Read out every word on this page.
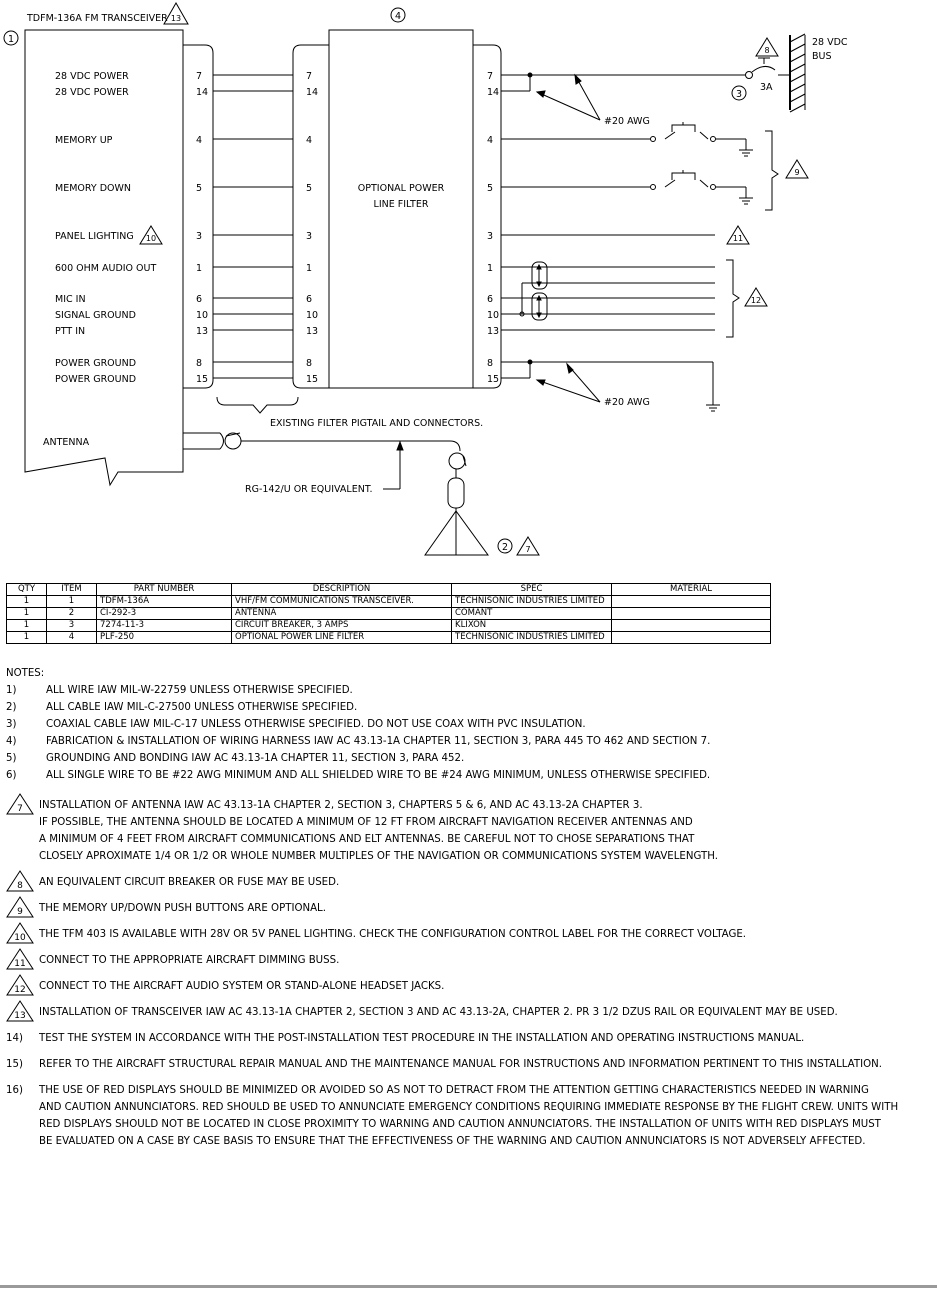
TDFM-136A FM TRANSCEIVER
OPTIONAL POWER
LINE FILTER
28 VDC
BUS
3A
#20 AWG
#20 AWG
EXISTING FILTER PIGTAIL AND CONNECTORS.
RG-142/U OR EQUIVALENT.
ANTENNA
28 VDC POWER	7	7	7
28 VDC POWER	14	14	14
MEMORY UP	4	4	4
MEMORY DOWN	5	5	5
PANEL LIGHTING	3	3	3
600 OHM AUDIO OUT	1	1	1
MIC IN	6	6	6
SIGNAL GROUND	10	10	10
PTT IN	13	13	13
POWER GROUND	8	8	8
POWER GROUND	15	15	15
1
2
3
4
13
8
9
10	11
12
7
QTY	ITEM	PART NUMBER	DESCRIPTION	SPEC	MATERIAL
1	1	TDFM-136A	VHF/FM COMMUNICATIONS TRANSCEIVER.	TECHNISONIC INDUSTRIES LIMITED	
1	2	CI-292-3	ANTENNA	COMANT	
1	3	7274-11-3	CIRCUIT BREAKER, 3 AMPS	KLIXON	
1	4	PLF-250	OPTIONAL POWER LINE FILTER	TECHNISONIC INDUSTRIES LIMITED	
NOTES:
1)	ALL WIRE IAW MIL-W-22759 UNLESS OTHERWISE SPECIFIED.
2)	ALL CABLE IAW MIL-C-27500 UNLESS OTHERWISE SPECIFIED.
3)	COAXIAL CABLE IAW MIL-C-17 UNLESS OTHERWISE SPECIFIED. DO NOT USE COAX WITH PVC INSULATION.
4)	FABRICATION & INSTALLATION OF WIRING HARNESS IAW AC 43.13-1A CHAPTER 11, SECTION 3, PARA 445 TO 462 AND SECTION 7.
5)	GROUNDING AND BONDING IAW AC 43.13-1A CHAPTER 11, SECTION 3, PARA 452.
6)	ALL SINGLE WIRE TO BE #22 AWG MINIMUM AND ALL SHIELDED WIRE TO BE #24 AWG MINIMUM, UNLESS OTHERWISE SPECIFIED.
7 INSTALLATION OF ANTENNA IAW AC 43.13-1A CHAPTER 2, SECTION 3, CHAPTERS 5 & 6, AND AC 43.13-2A CHAPTER 3.
IF POSSIBLE, THE ANTENNA SHOULD BE LOCATED A MINIMUM OF 12 FT FROM AIRCRAFT NAVIGATION RECEIVER ANTENNAS AND
A MINIMUM OF 4 FEET FROM AIRCRAFT COMMUNICATIONS AND ELT ANTENNAS. BE CAREFUL NOT TO CHOSE SEPARATIONS THAT
CLOSELY APROXIMATE 1/4 OR 1/2 OR WHOLE NUMBER MULTIPLES OF THE NAVIGATION OR COMMUNICATIONS SYSTEM WAVELENGTH.
8 AN EQUIVALENT CIRCUIT BREAKER OR FUSE MAY BE USED.
9 THE MEMORY UP/DOWN PUSH BUTTONS ARE OPTIONAL.
10 THE TFM 403 IS AVAILABLE WITH 28V OR 5V PANEL LIGHTING. CHECK THE CONFIGURATION CONTROL LABEL FOR THE CORRECT VOLTAGE.
11 CONNECT TO THE APPROPRIATE AIRCRAFT DIMMING BUSS.
12 CONNECT TO THE AIRCRAFT AUDIO SYSTEM OR STAND-ALONE HEADSET JACKS.
13 INSTALLATION OF TRANSCEIVER IAW AC 43.13-1A CHAPTER 2, SECTION 3 AND AC 43.13-2A, CHAPTER 2. PR 3 1/2 DZUS RAIL OR EQUIVALENT MAY BE USED.
14) TEST THE SYSTEM IN ACCORDANCE WITH THE POST-INSTALLATION TEST PROCEDURE IN THE INSTALLATION AND OPERATING INSTRUCTIONS MANUAL.
15) REFER TO THE AIRCRAFT STRUCTURAL REPAIR MANUAL AND THE MAINTENANCE MANUAL FOR INSTRUCTIONS AND INFORMATION PERTINENT TO THIS INSTALLATION.
16)	THE USE OF RED DISPLAYS SHOULD BE MINIMIZED OR AVOIDED SO AS NOT TO DETRACT FROM THE ATTENTION GETTING CHARACTERISTICS NEEDED IN WARNING
AND CAUTION ANNUNCIATORS. RED SHOULD BE USED TO ANNUNCIATE EMERGENCY CONDITIONS REQUIRING IMMEDIATE RESPONSE BY THE FLIGHT CREW. UNITS WITH
RED DISPLAYS SHOULD NOT BE LOCATED IN CLOSE PROXIMITY TO WARNING AND CAUTION ANNUNCIATORS. THE INSTALLATION OF UNITS WITH RED DISPLAYS MUST
BE EVALUATED ON A CASE BY CASE BASIS TO ENSURE THAT THE EFFECTIVENESS OF THE WARNING AND CAUTION ANNUNCIATORS IS NOT ADVERSELY AFFECTED.
